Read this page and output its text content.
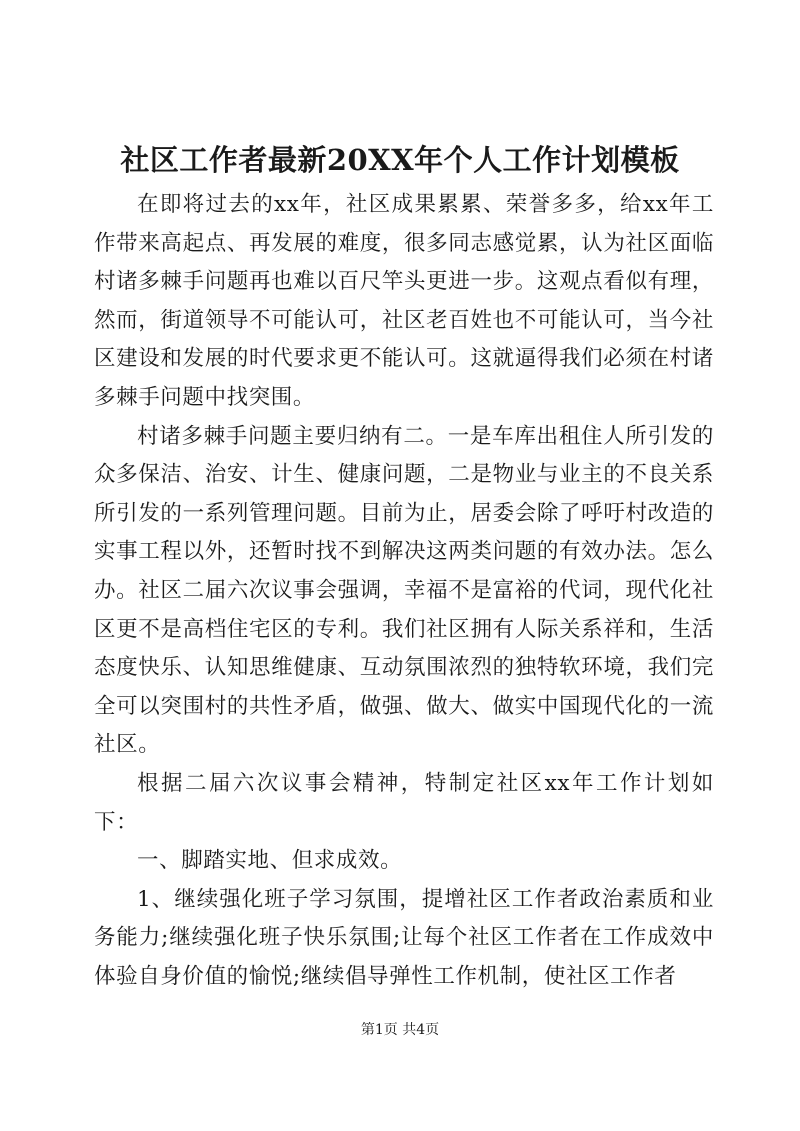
社区工作者最新20XX年个人工作计划模板

在即将过去的xx年，社区成果累累、荣誉多多，给xx年工作带来高起点、再发展的难度，很多同志感觉累，认为社区面临村诸多棘手问题再也难以百尺竿头更进一步。这观点看似有理，然而，街道领导不可能认可，社区老百姓也不可能认可，当今社区建设和发展的时代要求更不能认可。这就逼得我们必须在村诸多棘手问题中找突围。

村诸多棘手问题主要归纳有二。一是车库出租住人所引发的众多保洁、治安、计生、健康问题，二是物业与业主的不良关系所引发的一系列管理问题。目前为止，居委会除了呼吁村改造的实事工程以外，还暂时找不到解决这两类问题的有效办法。怎么办。社区二届六次议事会强调，幸福不是富裕的代词，现代化社区更不是高档住宅区的专利。我们社区拥有人际关系祥和，生活态度快乐、认知思维健康、互动氛围浓烈的独特软环境，我们完全可以突围村的共性矛盾，做强、做大、做实中国现代化的一流社区。

根据二届六次议事会精神，特制定社区xx年工作计划如下：

一、脚踏实地、但求成效。

1、继续强化班子学习氛围，提增社区工作者政治素质和业务能力;继续强化班子快乐氛围;让每个社区工作者在工作成效中体验自身价值的愉悦;继续倡导弹性工作机制，使社区工作者

第1页 共4页
